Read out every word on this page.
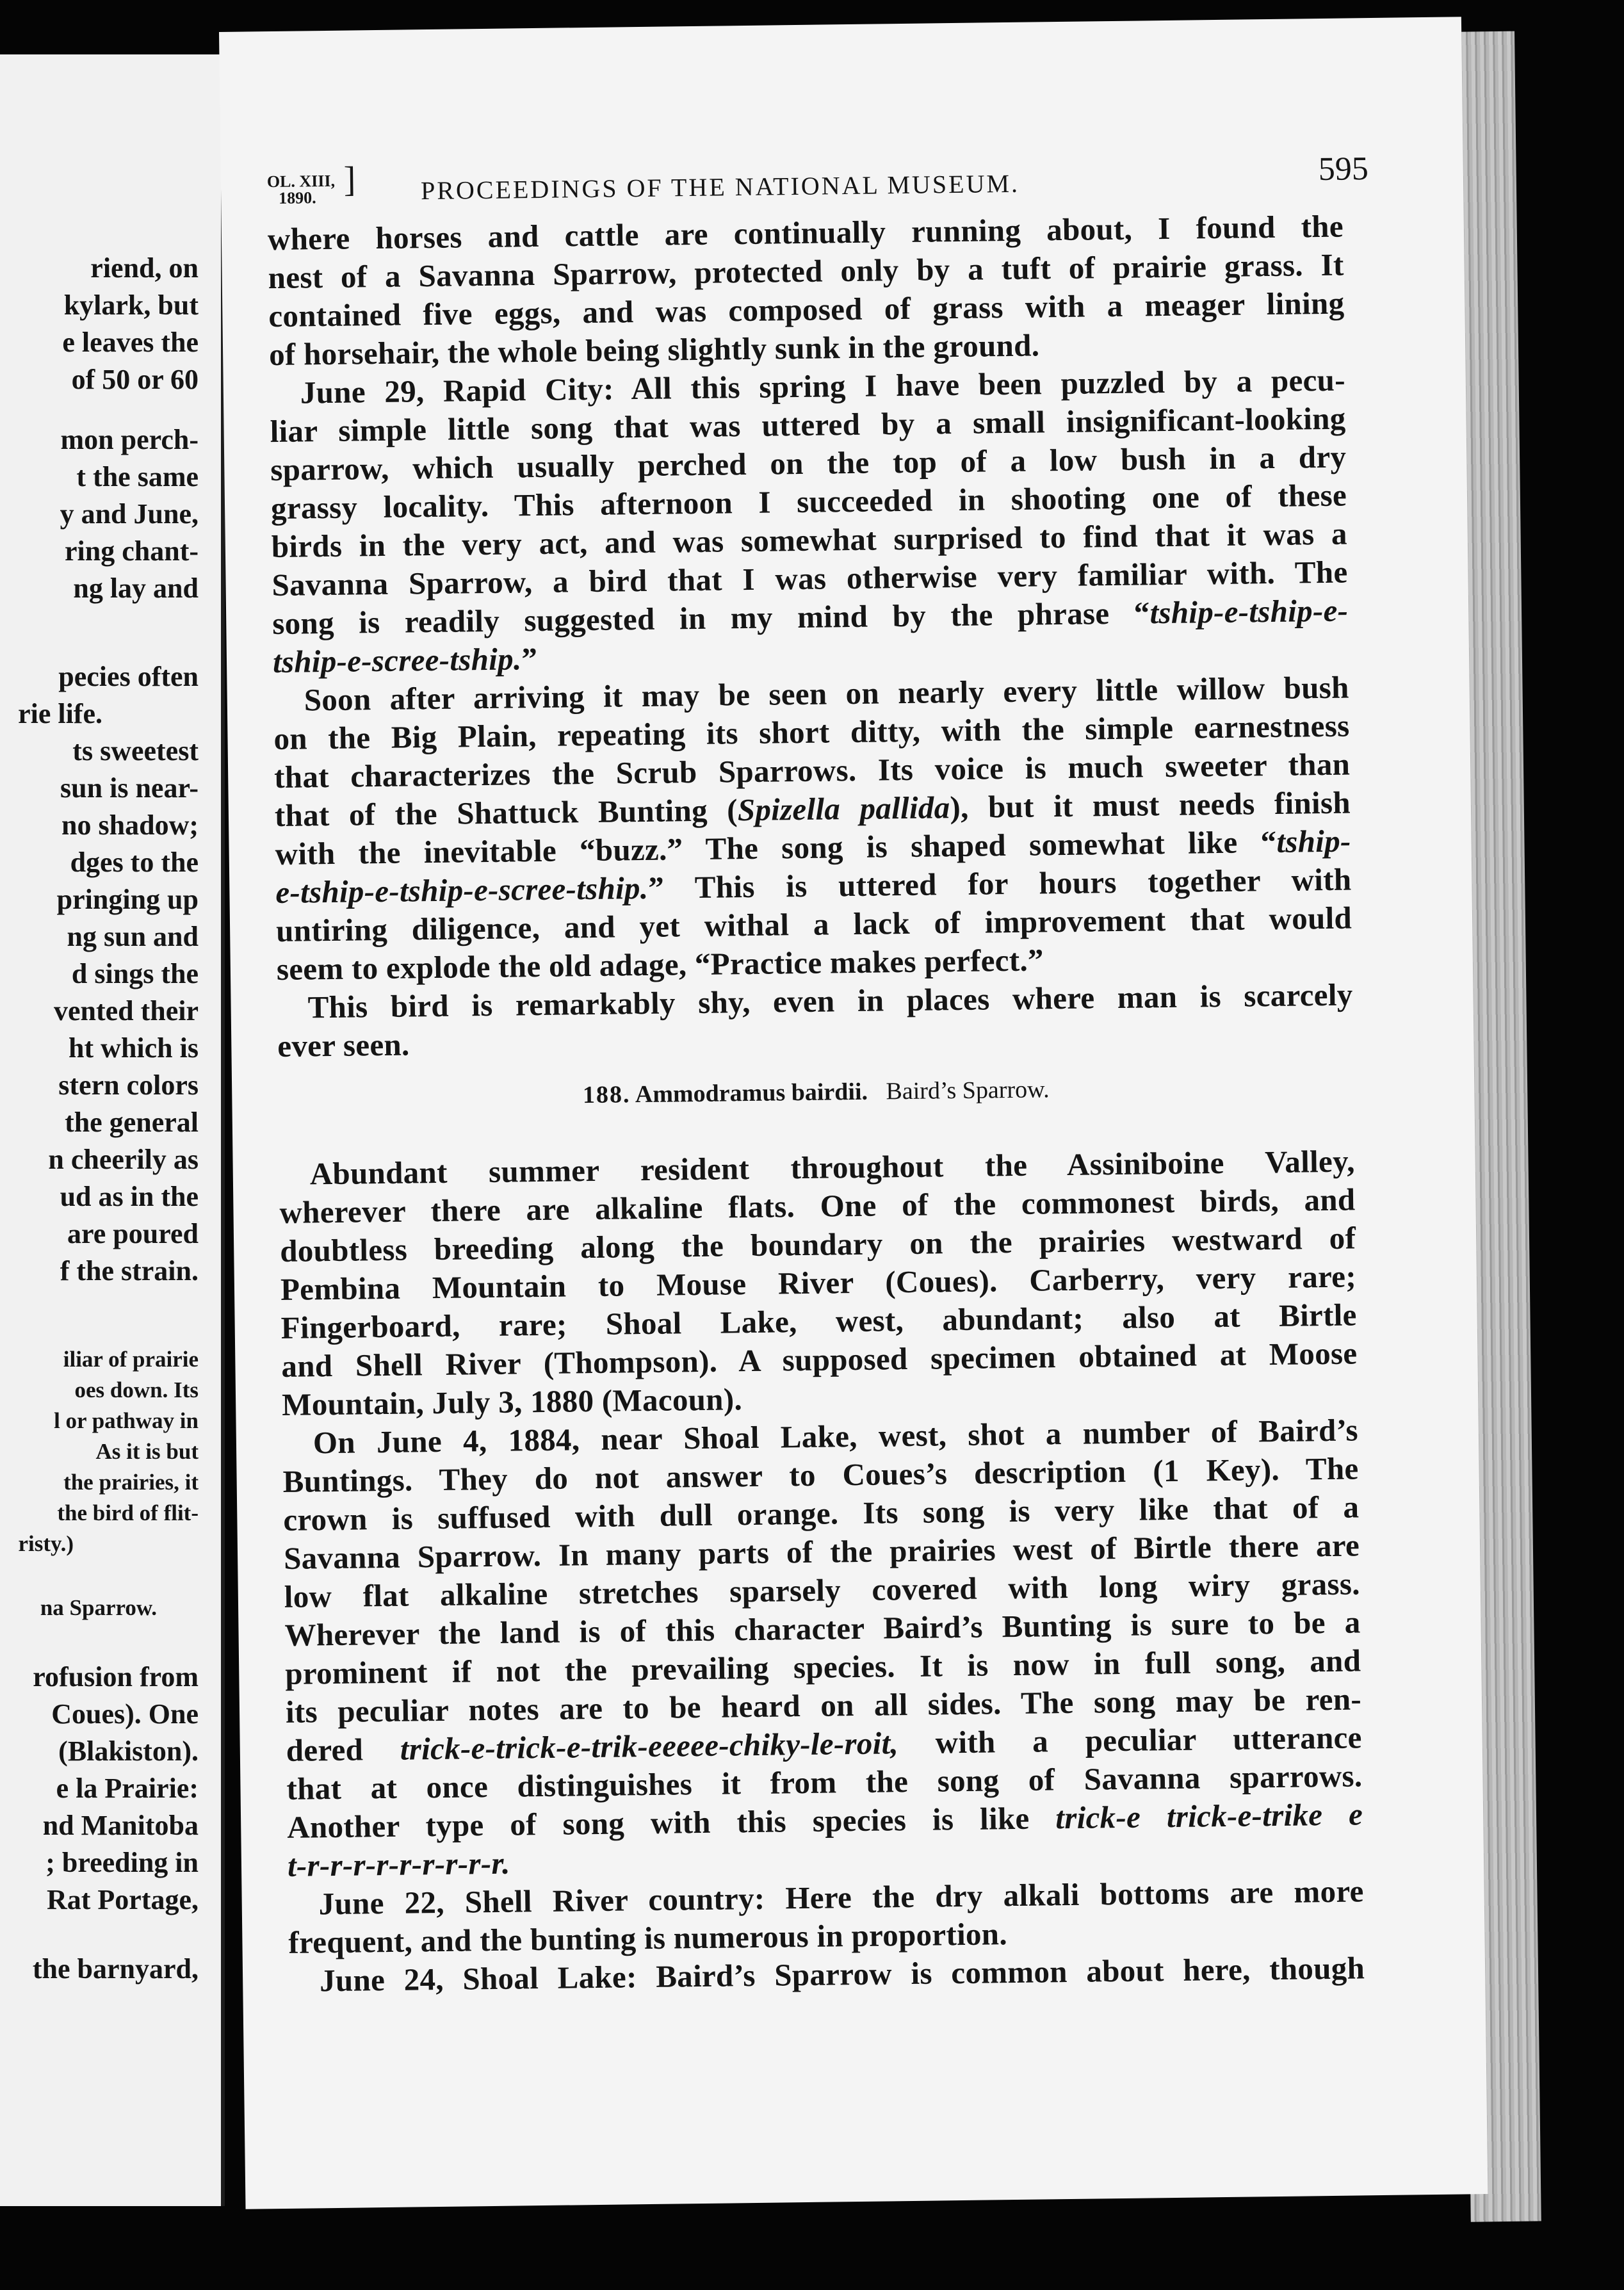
riend, on
kylark, but
e leaves the
of 50 or 60
mon perch-
t the same
y and June,
ring chant-
ng lay and
pecies often
rie life.
ts sweetest
sun is near-
no shadow;
dges to the
pringing up
ng sun and
d sings the
vented their
ht which is
stern colors
the general
n cheerily as
ud as in the
are poured
f the strain.
iliar of prairie
oes down. Its
l or pathway in
As it is but
the prairies, it
the bird of flit-
risty.)
na Sparrow.
rofusion from
Coues). One
(Blakiston).
e la Prairie:
nd Manitoba
; breeding in
Rat Portage,
the barnyard,
OL. XIII,
1890. ]	PROCEEDINGS OF THE NATIONAL MUSEUM.	595
where horses and cattle are continually running about, I found the
nest of a Savanna Sparrow, protected only by a tuft of prairie grass. It
contained five eggs, and was composed of grass with a meager lining
of horsehair, the whole being slightly sunk in the ground.
June 29, Rapid City: All this spring I have been puzzled by a pecu-
liar simple little song that was uttered by a small insignificant-looking
sparrow, which usually perched on the top of a low bush in a dry
grassy locality. This afternoon I succeeded in shooting one of these
birds in the very act, and was somewhat surprised to find that it was a
Savanna Sparrow, a bird that I was otherwise very familiar with. The
song is readily suggested in my mind by the phrase “tship-e-tship-e-
tship-e-scree-tship.”
Soon after arriving it may be seen on nearly every little willow bush
on the Big Plain, repeating its short ditty, with the simple earnestness
that characterizes the Scrub Sparrows. Its voice is much sweeter than
that of the Shattuck Bunting (Spizella pallida), but it must needs finish
with the inevitable “buzz.” The song is shaped somewhat like “tship-
e-tship-e-tship-e-scree-tship.” This is uttered for hours together with
untiring diligence, and yet withal a lack of improvement that would
seem to explode the old adage, “Practice makes perfect.”
This bird is remarkably shy, even in places where man is scarcely
ever seen.
188. Ammodramus bairdii. Baird’s Sparrow.
Abundant summer resident throughout the Assiniboine Valley,
wherever there are alkaline flats. One of the commonest birds, and
doubtless breeding along the boundary on the prairies westward of
Pembina Mountain to Mouse River (Coues). Carberry, very rare;
Fingerboard, rare; Shoal Lake, west, abundant; also at Birtle
and Shell River (Thompson). A supposed specimen obtained at Moose
Mountain, July 3, 1880 (Macoun).
On June 4, 1884, near Shoal Lake, west, shot a number of Baird’s
Buntings. They do not answer to Coues’s description (1 Key). The
crown is suffused with dull orange. Its song is very like that of a
Savanna Sparrow. In many parts of the prairies west of Birtle there are
low flat alkaline stretches sparsely covered with long wiry grass.
Wherever the land is of this character Baird’s Bunting is sure to be a
prominent if not the prevailing species. It is now in full song, and
its peculiar notes are to be heard on all sides. The song may be ren-
dered trick-e-trick-e-trik-eeeee-chiky-le-roit, with a peculiar utterance
that at once distinguishes it from the song of Savanna sparrows.
Another type of song with this species is like trick-e trick-e-trike e
t-r-r-r-r-r-r-r-r-r.
June 22, Shell River country: Here the dry alkali bottoms are more
frequent, and the bunting is numerous in proportion.
June 24, Shoal Lake: Baird’s Sparrow is common about here, though
